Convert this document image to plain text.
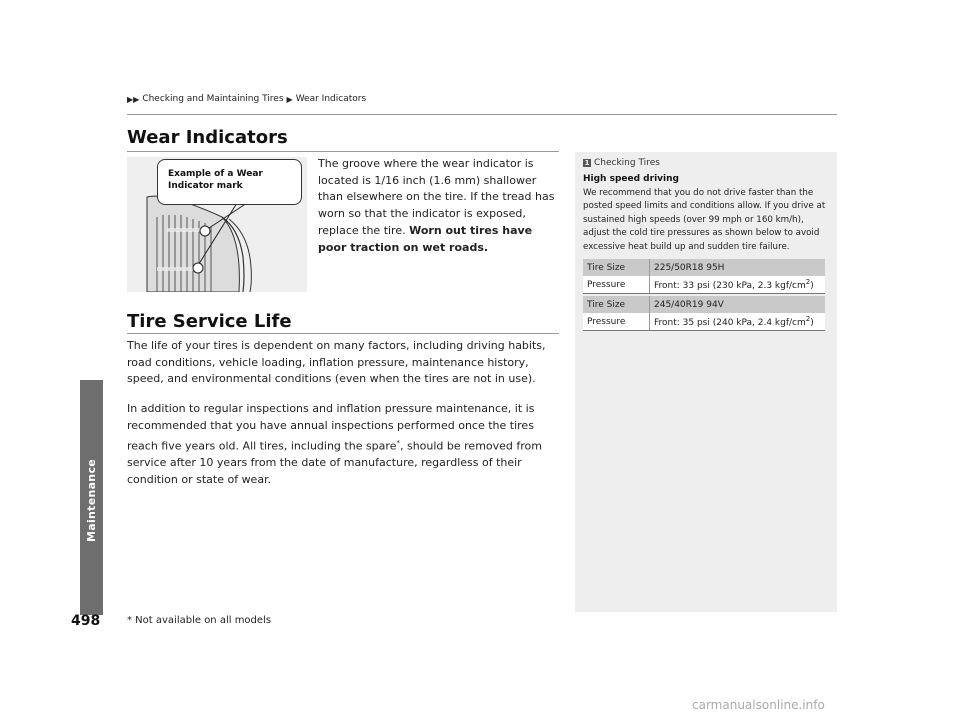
Maintenance
▶▶ Checking and Maintaining Tires ▶ Wear Indicators
Wear Indicators
Example of a Wear
Indicator mark

The groove where the wear indicator is located is 1/16 inch (1.6 mm) shallower than elsewhere on the tire. If the tread has worn so that the indicator is exposed, replace the tire. Worn out tires have poor traction on wet roads.

Tire Service Life

The life of your tires is dependent on many factors, including driving habits, road conditions, vehicle loading, inflation pressure, maintenance history, speed, and environmental conditions (even when the tires are not in use).

In addition to regular inspections and inflation pressure maintenance, it is recommended that you have annual inspections performed once the tires reach five years old. All tires, including the spare*, should be removed from service after 10 years from the date of manufacture, regardless of their condition or state of wear.

1 Checking Tires
High speed driving
We recommend that you do not drive faster than the posted speed limits and conditions allow. If you drive at sustained high speeds (over 99 mph or 160 km/h), adjust the cold tire pressures as shown below to avoid excessive heat build up and sudden tire failure.
Tire Size	225/50R18 95H
Pressure	Front: 33 psi (230 kPa, 2.3 kgf/$cm^2$)
Tire Size	245/40R19 94V
Pressure	Front: 35 psi (240 kPa, 2.4 kgf/$cm^2$)
498	* Not available on all models
carmanualsonline.info
